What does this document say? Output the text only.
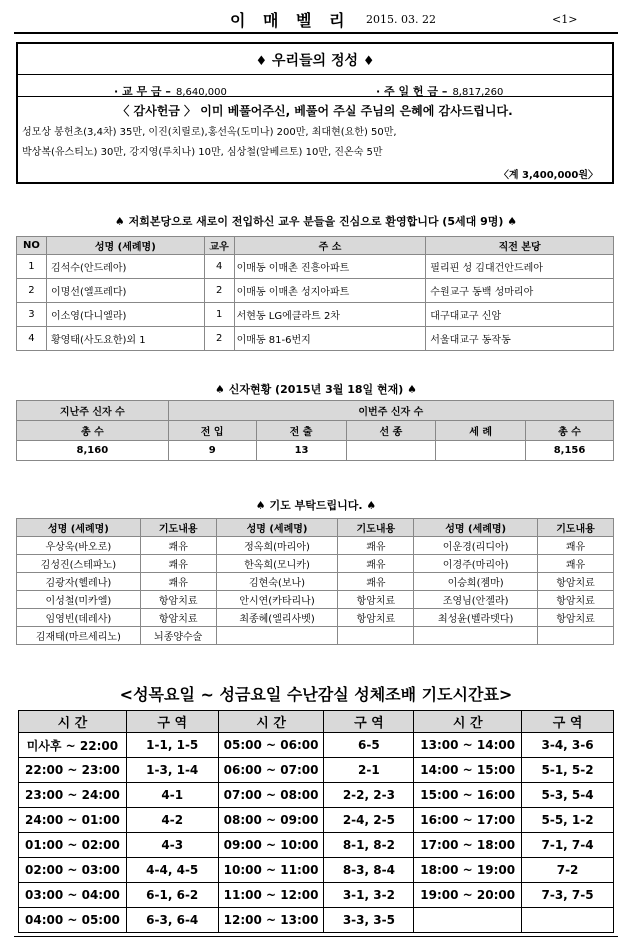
이 매 벨 리 2015. 03. 22	<1>
♦ 우리들의 정성 ♦
· 교 무 금 – 8,640,000	· 주 일 헌 금 – 8,817,260
〈 감사헌금 〉 이미 베풀어주신, 베풀어 주실 주님의 은혜에 감사드립니다.
성모상 봉헌초(3,4차) 35만, 이진(치릴로),홍선옥(도미나) 200만, 최대현(요한) 50만,
박상복(유스티노) 30만, 강지영(루치나) 10만, 심상철(알베르토) 10만, 진온숙 5만
〈계 3,400,000원〉
♠ 저희본당으로 새로이 전입하신 교우 분들을 진심으로 환영합니다 (5세대 9명) ♠
NO	성명 (세례명)	교우	주 소	직전 본당
1	김석수(안드레아)	4	이매동 이매촌 진흥아파트	필리핀 성 김대건안드레아
2	이명선(엘프레다)	2	이매동 이매촌 성지아파트	수원교구 동백 성마리아
3	이소영(다니엘라)	1	서현동 LG에클라트 2차	대구대교구 신암
4	황영태(사도요한)외 1	2	이매동 81-6번지	서울대교구 동작동
♠ 신자현황 (2015년 3월 18일 현재) ♠
지난주 신자 수	이번주 신자 수				
총 수	전 입	전 출	선 종	세 례	총 수
8,160	9	13			8,156
♠ 기도 부탁드립니다. ♠
성명 (세례명)	기도내용	성명 (세례명)	기도내용	성명 (세례명)	기도내용
우상욱(바오로)	쾌유	정옥희(마리아)	쾌유	이운경(리디아)	쾌유
김성진(스테파노)	쾌유	한옥희(모니카)	쾌유	이경주(마리아)	쾌유
김광자(헬레나)	쾌유	김현숙(보나)	쾌유	이승희(젬마)	항암치료
이성철(미카엘)	항암치료	안시연(카타리나)	항암치료	조영님(안젤라)	항암치료
임영빈(데레사)	항암치료	최종혜(엘리사벳)	항암치료	최성윤(벨라뎃다)	항암치료
김재태(마르세리노)	뇌종양수술				
<성목요일 ~ 성금요일 수난감실 성체조배 기도시간표>
시 간	구 역	시 간	구 역	시 간	구 역
미사후 ~ 22:00	1-1, 1-5	05:00 ~ 06:00	6-5	13:00 ~ 14:00	3-4, 3-6
22:00 ~ 23:00	1-3, 1-4	06:00 ~ 07:00	2-1	14:00 ~ 15:00	5-1, 5-2
23:00 ~ 24:00	4-1	07:00 ~ 08:00	2-2, 2-3	15:00 ~ 16:00	5-3, 5-4
24:00 ~ 01:00	4-2	08:00 ~ 09:00	2-4, 2-5	16:00 ~ 17:00	5-5, 1-2
01:00 ~ 02:00	4-3	09:00 ~ 10:00	8-1, 8-2	17:00 ~ 18:00	7-1, 7-4
02:00 ~ 03:00	4-4, 4-5	10:00 ~ 11:00	8-3, 8-4	18:00 ~ 19:00	7-2
03:00 ~ 04:00	6-1, 6-2	11:00 ~ 12:00	3-1, 3-2	19:00 ~ 20:00	7-3, 7-5
04:00 ~ 05:00	6-3, 6-4	12:00 ~ 13:00	3-3, 3-5		
